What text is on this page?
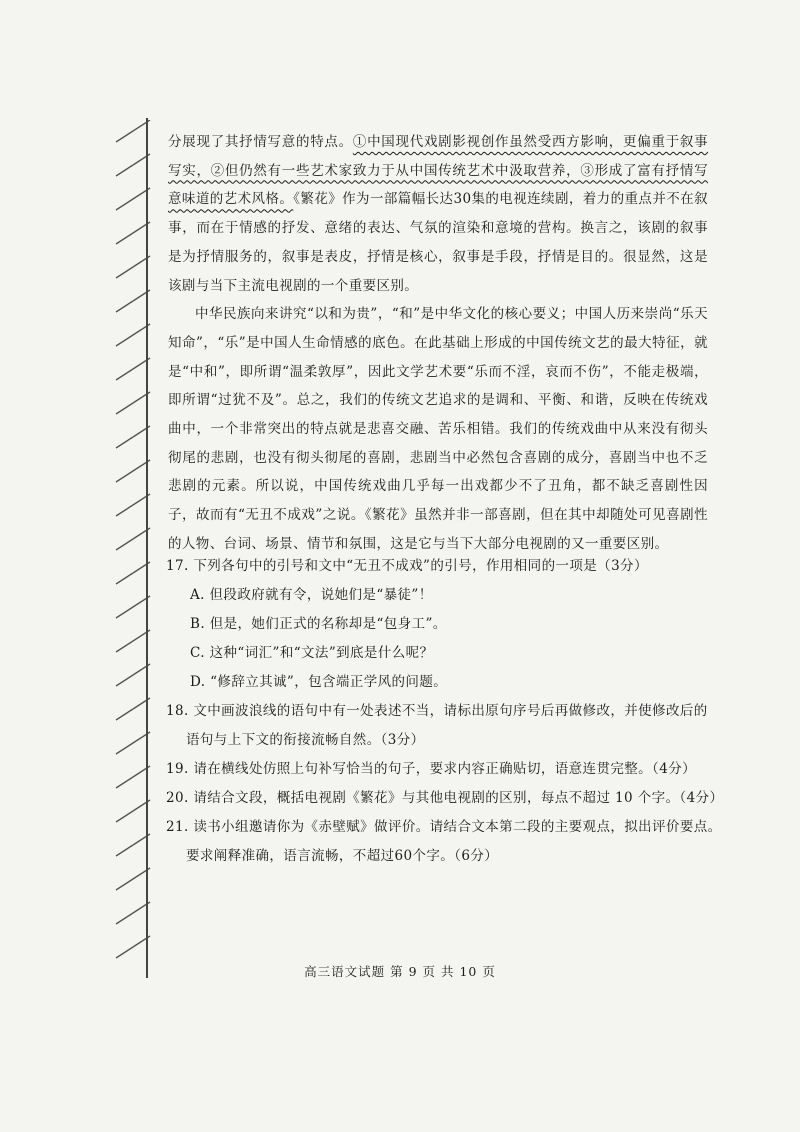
分展现了其抒情写意的特点。①中国现代戏剧影视创作虽然受西方影响，更偏重于叙事写实，②但仍然有一些艺术家致力于从中国传统艺术中汲取营养，③形成了富有抒情写意味道的艺术风格。《繁花》作为一部篇幅长达30集的电视连续剧，着力的重点并不在叙事，而在于情感的抒发、意绪的表达、气氛的渲染和意境的营构。换言之，该剧的叙事是为抒情服务的，叙事是表皮，抒情是核心，叙事是手段，抒情是目的。很显然，这是该剧与当下主流电视剧的一个重要区别。

中华民族向来讲究“以和为贵”，“和”是中华文化的核心要义；中国人历来崇尚“乐天知命”，“乐”是中国人生命情感的底色。在此基础上形成的中国传统文艺的最大特征，就是“中和”，即所谓“温柔敦厚”，因此文学艺术要“乐而不淫，哀而不伤”，不能走极端，即所谓“过犹不及”。总之，我们的传统文艺追求的是调和、平衡、和谐，反映在传统戏曲中，一个非常突出的特点就是悲喜交融、苦乐相错。我们的传统戏曲中从来没有彻头彻尾的悲剧，也没有彻头彻尾的喜剧，悲剧当中必然包含喜剧的成分，喜剧当中也不乏悲剧的元素。所以说，中国传统戏曲几乎每一出戏都少不了丑角，都不缺乏喜剧性因子，故而有“无丑不成戏”之说。《繁花》虽然并非一部喜剧，但在其中却随处可见喜剧性的人物、台词、场景、情节和氛围，这是它与当下大部分电视剧的又一重要区别。

17. 下列各句中的引号和文中“无丑不成戏”的引号，作用相同的一项是（3分）

A. 但段政府就有令，说她们是“暴徒”！

B. 但是，她们正式的名称却是“包身工”。

C. 这种“词汇”和“文法”到底是什么呢？

D. “修辞立其诚”，包含端正学风的问题。

18. 文中画波浪线的语句中有一处表述不当，请标出原句序号后再做修改，并使修改后的

语句与上下文的衔接流畅自然。（3分）

19. 请在横线处仿照上句补写恰当的句子，要求内容正确贴切，语意连贯完整。（4分）

20. 请结合文段，概括电视剧《繁花》与其他电视剧的区别，每点不超过 10 个字。（4分）

21. 读书小组邀请你为《赤壁赋》做评价。请结合文本第二段的主要观点，拟出评价要点。

要求阐释准确，语言流畅，不超过60个字。（6分）

高三语文试题 第 9 页 共 10 页
